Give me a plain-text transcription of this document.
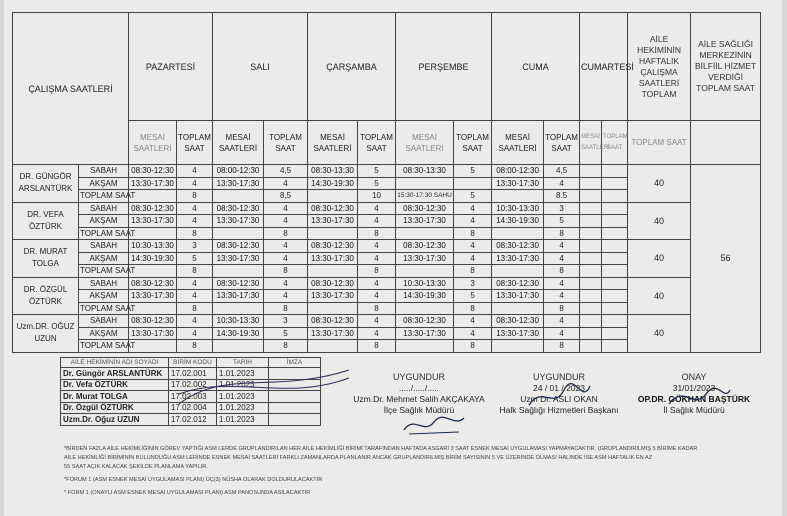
ÇALIŞMA SAATLERİ		PAZARTESİ		SALI		ÇARŞAMBA		PERŞEMBE		CUMA		CUMARTESİ		AİLE HEKİMİNİN HAFTALIK ÇALIŞMA SAATLERİ TOPLAM	AİLE SAĞLIĞI MERKEZİNİN BİLFİİL HİZMET VERDİĞİ TOPLAM SAAT
		MESAİ SAATLERİ	TOPLAM SAAT	MESAİ SAATLERİ	TOPLAM SAAT	MESAİ SAATLERİ	TOPLAM SAAT	MESAİ SAATLERİ	TOPLAM SAAT	MESAİ SAATLERİ	TOPLAM SAAT	MESAİ SAATLERİ	TOPLAM SAAT	TOPLAM SAAT	
DR. GÜNGÖR ARSLANTÜRK	SABAH	08:30-12:30	4	08:00-12:30	4,5	08:30-13:30	5	08:30-13:30	5	08:00-12:30	4,5			40	56
	AKŞAM	13:30-17:30	4	13:30-17:30	4	14:30-19:30	5			13:30-17:30	4				
	TOPLAM SAAT		8		8,5		10	15:30-17:30 SAHU	5		8.5				
DR. VEFA ÖZTÜRK	SABAH	08:30-12:30	4	08:30-12:30	4	08:30-12:30	4	08:30-12:30	4	10:30-13:30	3			40	
	AKŞAM	13:30-17:30	4	13:30-17:30	4	13:30-17:30	4	13:30-17:30	4	14:30-19:30	5				
	TOPLAM SAAT		8		8		8		8		8				
DR. MURAT TOLGA	SABAH	10:30-13:30	3	08:30-12:30	4	08:30-12:30	4	08:30-12:30	4	08:30-12:30	4			40	
	AKŞAM	14:30-19:30	5	13:30-17:30	4	13:30-17:30	4	13:30-17:30	4	13:30-17:30	4				
	TOPLAM SAAT		8		8		8		8		8				
DR. ÖZGÜL ÖZTÜRK	SABAH	08:30-12:30	4	08:30-12:30	4	08:30-12:30	4	10:30-13:30	3	08:30-12:30	4			40	
	AKŞAM	13:30-17:30	4	13:30-17:30	4	13:30-17:30	4	14:30-19:30	5	13:30-17:30	4				
	TOPLAM SAAT		8		8		8		8		8				
Uzm.DR. OĞUZ UZUN	SABAH	08:30-12:30	4	10:30-13:30	3	08:30-12:30	4	08:30-12:30	4	08:30-12:30	4			40	
	AKŞAM	13:30-17:30	4	14:30-19:30	5	13:30-17:30	4	13:30-17:30	4	13:30-17:30	4				
	TOPLAM SAAT		8		8		8		8		8				
AİLE HEKİMİNİN ADI SOYADI	BİRİM KODU	TARİH	İMZA
Dr. Güngör ARSLANTÜRK	17.02.001	1.01.2023	
Dr. Vefa ÖZTÜRK	17.02.002	1.01.2023	
Dr. Murat TOLGA	17.02.003	1.01.2023	
Dr. Özgül ÖZTÜRK	17.02.004	1.01.2023	
Uzm.Dr. Oğuz UZUN	17.02.012	1.01.2023	
UYGUNDUR
...../...../.....
Uzm.Dr. Mehmet Salih AKÇAKAYA
İlçe Sağlık Müdürü
UYGUNDUR
24 / 01 / 2023
Uzm Dr. ASLI OKAN
Halk Sağlığı Hizmetleri Başkanı
ONAY
31/01/2023
OP.DR. GÖKHAN BAŞTÜRK
İl Sağlık Müdürü
*BİRDEN FAZLA AİLE HEKİMLİĞİNİN GÖREV YAPTIĞI ASM LERDE GRUPLANDIRILAN HER AİLE HEKİMLİĞİ BİRİMİ TARAFINDAN HAFTADA ASGARİ 3 SAAT ESNEK MESAİ UYGULAMASI YAPMAYACAKTIR. (GRUPLANDIRILMIŞ 5 BİRİME KADAR
AİLE HEKİMLİĞİ BİRİMİNİN BULUNDUĞU ASM LERİNDE ESNEK MESAİ SAATLERİ FARKLI ZAMANLARDA PLANLANIR ANCAK GRUPLANDIRILMIŞ BİRİM SAYISININ 5 VE ÜZERİNDE OLMASI HALİNDE İSE ASM HAFTALIK EN AZ
55 SAAT AÇIK KALACAK ŞEKİLDE PLANLAMA YAPILIR.
*FORUM 1 (ASM ESNEK MESAİ UYGULAMASI PLANI) ÜÇ(3) NÜSHA OLARAK DOLDURULACAKTIR
* FORM 1 (ONAYLI ASM ESNEK MESAİ UYGULAMASI PLANI) ASM PANOSUNDA ASILACAKTIR
